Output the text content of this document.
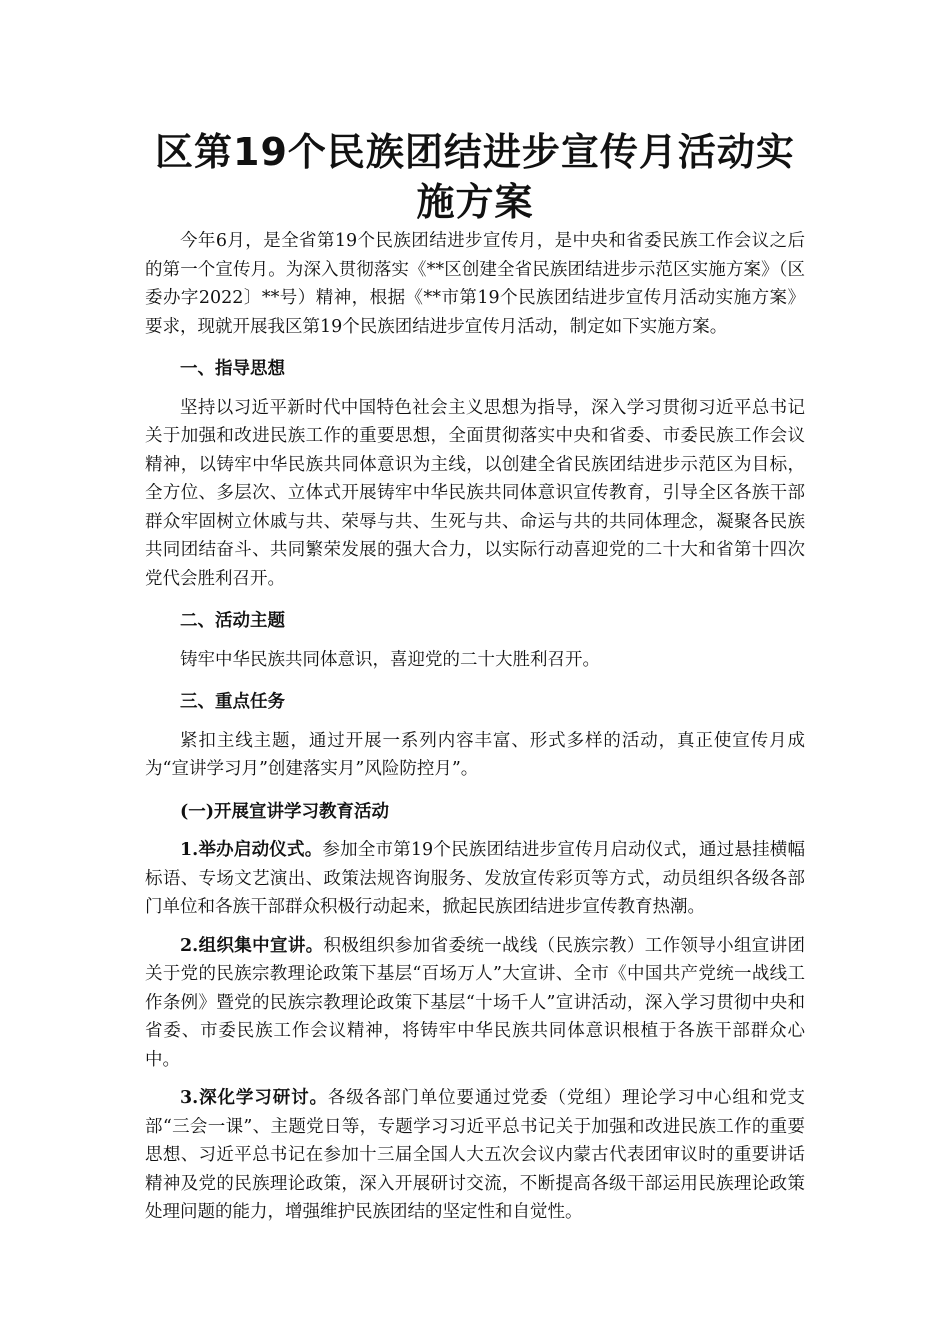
区第19个民族团结进步宣传月活动实施方案

今年6月，是全省第19个民族团结进步宣传月，是中央和省委民族工作会议之后的第一个宣传月。为深入贯彻落实《**区创建全省民族团结进步示范区实施方案》（区委办字2022〕**号）精神，根据《**市第19个民族团结进步宣传月活动实施方案》要求，现就开展我区第19个民族团结进步宣传月活动，制定如下实施方案。

一、指导思想

坚持以习近平新时代中国特色社会主义思想为指导，深入学习贯彻习近平总书记关于加强和改进民族工作的重要思想，全面贯彻落实中央和省委、市委民族工作会议精神，以铸牢中华民族共同体意识为主线，以创建全省民族团结进步示范区为目标，全方位、多层次、立体式开展铸牢中华民族共同体意识宣传教育，引导全区各族干部群众牢固树立休戚与共、荣辱与共、生死与共、命运与共的共同体理念，凝聚各民族共同团结奋斗、共同繁荣发展的强大合力，以实际行动喜迎党的二十大和省第十四次党代会胜利召开。

二、活动主题

铸牢中华民族共同体意识，喜迎党的二十大胜利召开。

三、重点任务

紧扣主线主题，通过开展一系列内容丰富、形式多样的活动，真正使宣传月成为“宣讲学习月”创建落实月”风险防控月”。

(一)开展宣讲学习教育活动

1.举办启动仪式。参加全市第19个民族团结进步宣传月启动仪式，通过悬挂横幅标语、专场文艺演出、政策法规咨询服务、发放宣传彩页等方式，动员组织各级各部门单位和各族干部群众积极行动起来，掀起民族团结进步宣传教育热潮。

2.组织集中宣讲。积极组织参加省委统一战线（民族宗教）工作领导小组宣讲团关于党的民族宗教理论政策下基层“百场万人”大宣讲、全市《中国共产党统一战线工作条例》暨党的民族宗教理论政策下基层“十场千人”宣讲活动，深入学习贯彻中央和省委、市委民族工作会议精神，将铸牢中华民族共同体意识根植于各族干部群众心中。

3.深化学习研讨。各级各部门单位要通过党委（党组）理论学习中心组和党支部“三会一课”、主题党日等，专题学习习近平总书记关于加强和改进民族工作的重要思想、习近平总书记在参加十三届全国人大五次会议内蒙古代表团审议时的重要讲话精神及党的民族理论政策，深入开展研讨交流，不断提高各级干部运用民族理论政策处理问题的能力，增强维护民族团结的坚定性和自觉性。
